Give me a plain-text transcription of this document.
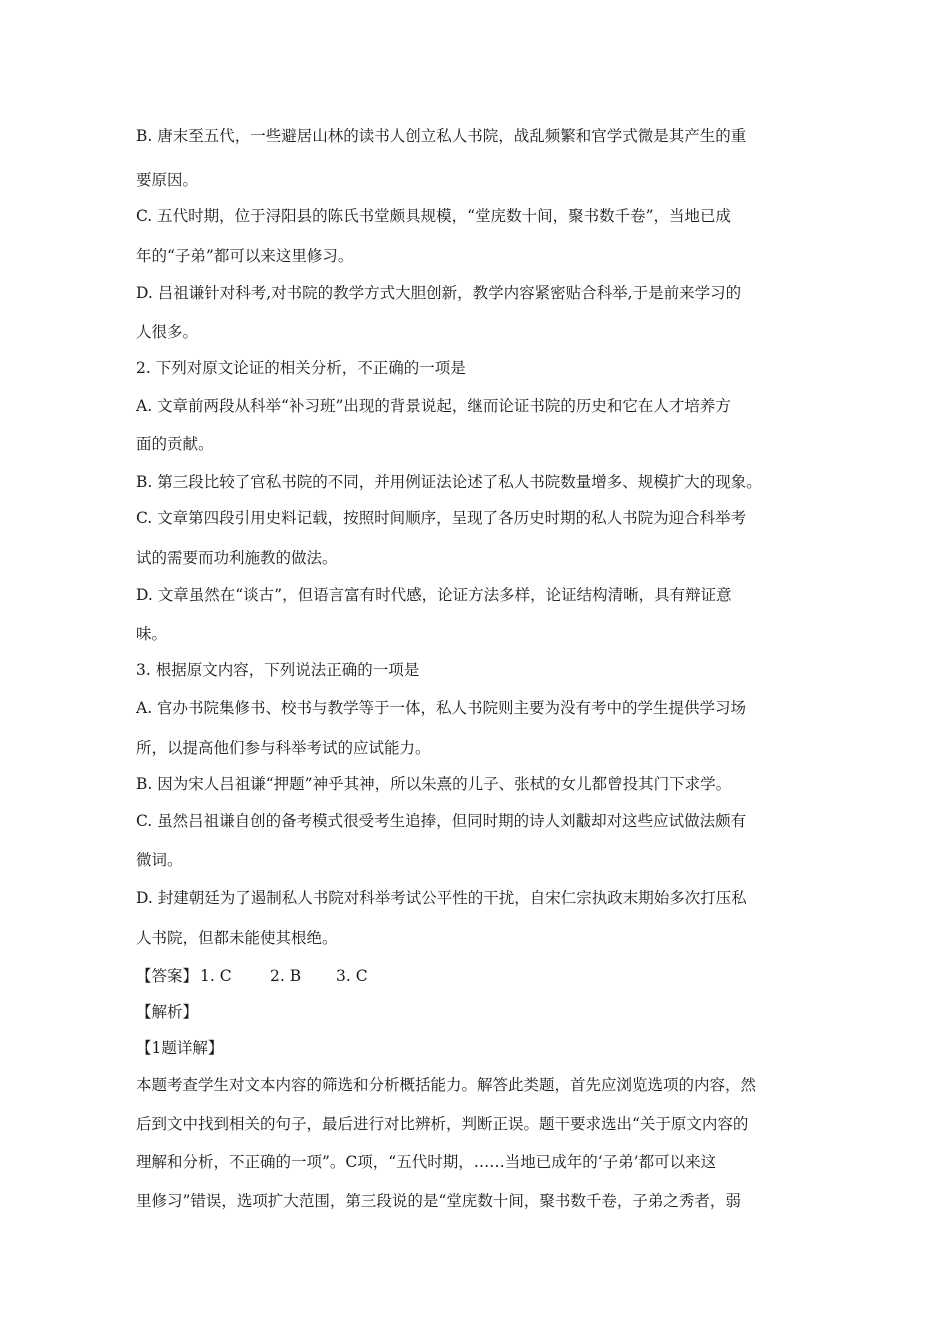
B. 唐末至五代，一些避居山林的读书人创立私人书院，战乱频繁和官学式微是其产生的重
要原因。
C. 五代时期，位于浔阳县的陈氏书堂颇具规模，“堂庑数十间，聚书数千卷”，当地已成
年的“子弟”都可以来这里修习。
D. 吕祖谦针对科考,对书院的教学方式大胆创新，教学内容紧密贴合科举,于是前来学习的
人很多。
2. 下列对原文论证的相关分析，不正确的一项是
A. 文章前两段从科举“补习班”出现的背景说起，继而论证书院的历史和它在人才培养方
面的贡献。
B. 第三段比较了官私书院的不同，并用例证法论述了私人书院数量增多、规模扩大的现象。
C. 文章第四段引用史料记载，按照时间顺序，呈现了各历史时期的私人书院为迎合科举考
试的需要而功利施教的做法。
D. 文章虽然在“谈古”，但语言富有时代感，论证方法多样，论证结构清晰，具有辩证意
味。
3. 根据原文内容，下列说法正确的一项是
A. 官办书院集修书、校书与教学等于一体，私人书院则主要为没有考中的学生提供学习场
所，以提高他们参与科举考试的应试能力。
B. 因为宋人吕祖谦“押题”神乎其神，所以朱熹的儿子、张栻的女儿都曾投其门下求学。
C. 虽然吕祖谦自创的备考模式很受考生追捧，但同时期的诗人刘黻却对这些应试做法颇有
微词。
D. 封建朝廷为了遏制私人书院对科举考试公平性的干扰，自宋仁宗执政末期始多次打压私
人书院，但都未能使其根绝。
【答案】 1. C 2. B 3. C
【解析】
【1题详解】
本题考查学生对文本内容的筛选和分析概括能力。解答此类题，首先应浏览选项的内容，然
后到文中找到相关的句子，最后进行对比辨析，判断正误。题干要求选出“关于原文内容的
理解和分析，不正确的一项”。C项，“五代时期，……当地已成年的‘子弟’都可以来这
里修习”错误，选项扩大范围，第三段说的是“堂庑数十间，聚书数千卷，子弟之秀者，弱
